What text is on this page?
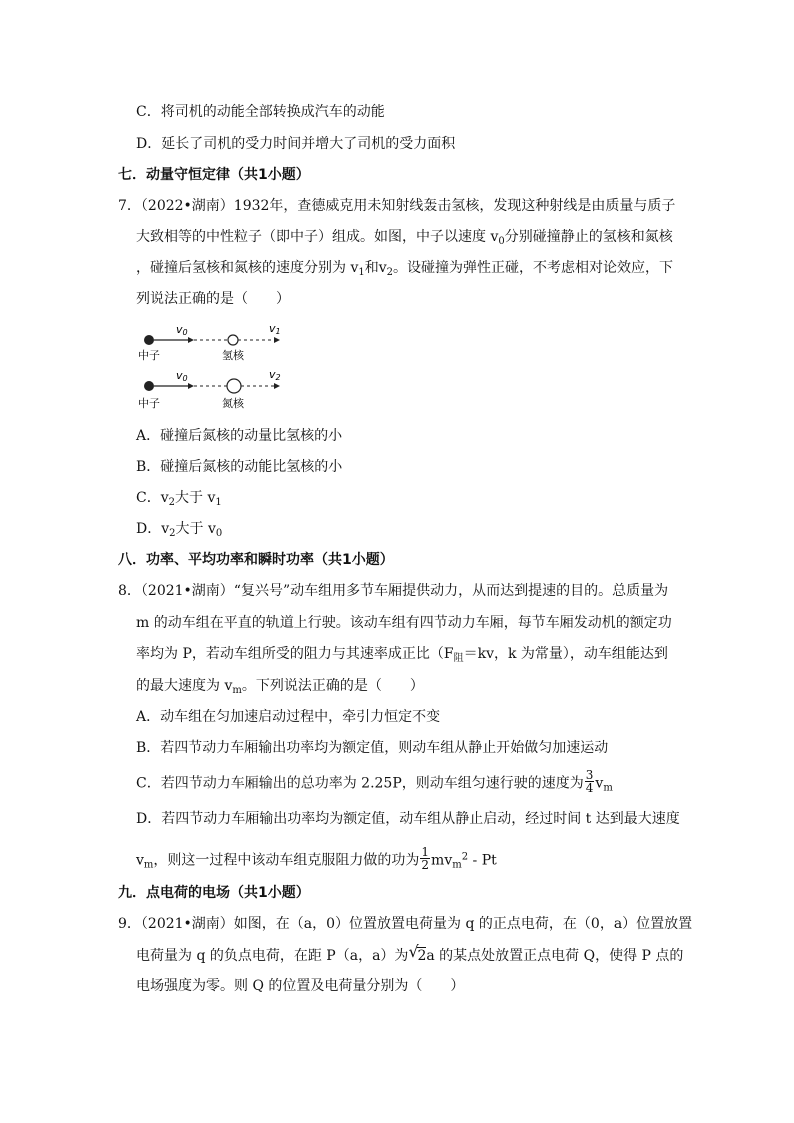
C．将司机的动能全部转换成汽车的动能
D．延长了司机的受力时间并增大了司机的受力面积
七．动量守恒定律（共1小题）
7．（2022•湖南）1932年，查德威克用未知射线轰击氢核，发现这种射线是由质量与质子
大致相等的中性粒子（即中子）组成。如图，中子以速度 $v_0$分别碰撞静止的氢核和氮核
，碰撞后氢核和氮核的速度分别为 $v_1$和$v_2$。设碰撞为弹性正碰，不考虑相对论效应，下
列说法正确的是（　　）
v0	v1
中子	氢核
v0	v2
中子	氮核
A．碰撞后氮核的动量比氢核的小
B．碰撞后氮核的动能比氢核的小
C．$v_2$大于 $v_1$
D．$v_2$大于 $v_0$
八．功率、平均功率和瞬时功率（共1小题）
8．（2021•湖南）“复兴号”动车组用多节车厢提供动力，从而达到提速的目的。总质量为
m 的动车组在平直的轨道上行驶。该动车组有四节动力车厢，每节车厢发动机的额定功
率均为 P，若动车组所受的阻力与其速率成正比（$F_阻=kv$，k 为常量），动车组能达到
的最大速度为 $v_m$。下列说法正确的是（　　）
A．动车组在匀加速启动过程中，牵引力恒定不变
B．若四节动力车厢输出功率均为额定值，则动车组从静止开始做匀加速运动
C．若四节动力车厢输出的总功率为 2.25P，则动车组匀速行驶的速度为 $\frac{3}{4} v_m$
D．若四节动力车厢输出功率均为额定值，动车组从静止启动，经过时间 t 达到最大速度
$v_m$，则这一过程中该动车组克服阻力做的功为 $\frac{1}{2} mv_m^2$ - Pt
九．点电荷的电场（共1小题）
9．（2021•湖南）如图，在（a，0）位置放置电荷量为 q 的正点电荷，在（0，a）位置放置
电荷量为 q 的负点电荷，在距 P（a，a）为 √
2a 的某点处放置正点电荷 Q，使得 P 点的
电场强度为零。则 Q 的位置及电荷量分别为（　　）
